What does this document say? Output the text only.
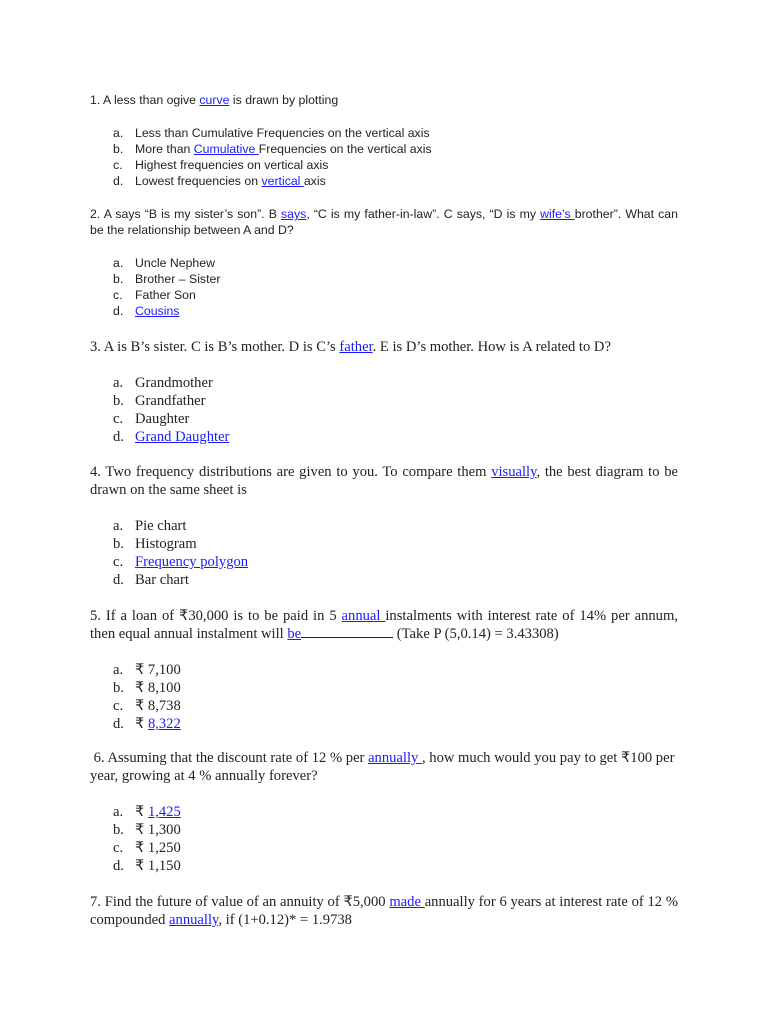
1. A less than ogive curve is drawn by plotting

a. Less than Cumulative Frequencies on the vertical axis
b. More than Cumulative Frequencies on the vertical axis
c. Highest frequencies on vertical axis
d. Lowest frequencies on vertical axis

2. A says “B is my sister’s son”. B says, “C is my father-in-law”. C says, “D is my wife’s brother”. What can be the relationship between A and D?

a. Uncle Nephew
b. Brother – Sister
c. Father Son
d. Cousins

3. A is B’s sister. C is B’s mother. D is C’s father. E is D’s mother. How is A related to D?

a. Grandmother
b. Grandfather
c. Daughter
d. Grand Daughter

4. Two frequency distributions are given to you. To compare them visually, the best diagram to be drawn on the same sheet is

a. Pie chart
b. Histogram
c. Frequency polygon
d. Bar chart

5. If a loan of ₹30,000 is to be paid in 5 annual instalments with interest rate of 14% per annum, then equal annual instalment will be	(Take P (5,0.14) = 3.43308)

a. ₹ 7,100
b. ₹ 8,100
c. ₹ 8,738
d. ₹ 8,322

6. Assuming that the discount rate of 12 % per annually , how much would you pay to get ₹100 per year, growing at 4 % annually forever?

a. ₹ 1,425
b. ₹ 1,300
c. ₹ 1,250
d. ₹ 1,150

7. Find the future of value of an annuity of ₹5,000 made annually for 6 years at interest rate of 12 % compounded annually, if (1+0.12)* = 1.9738
